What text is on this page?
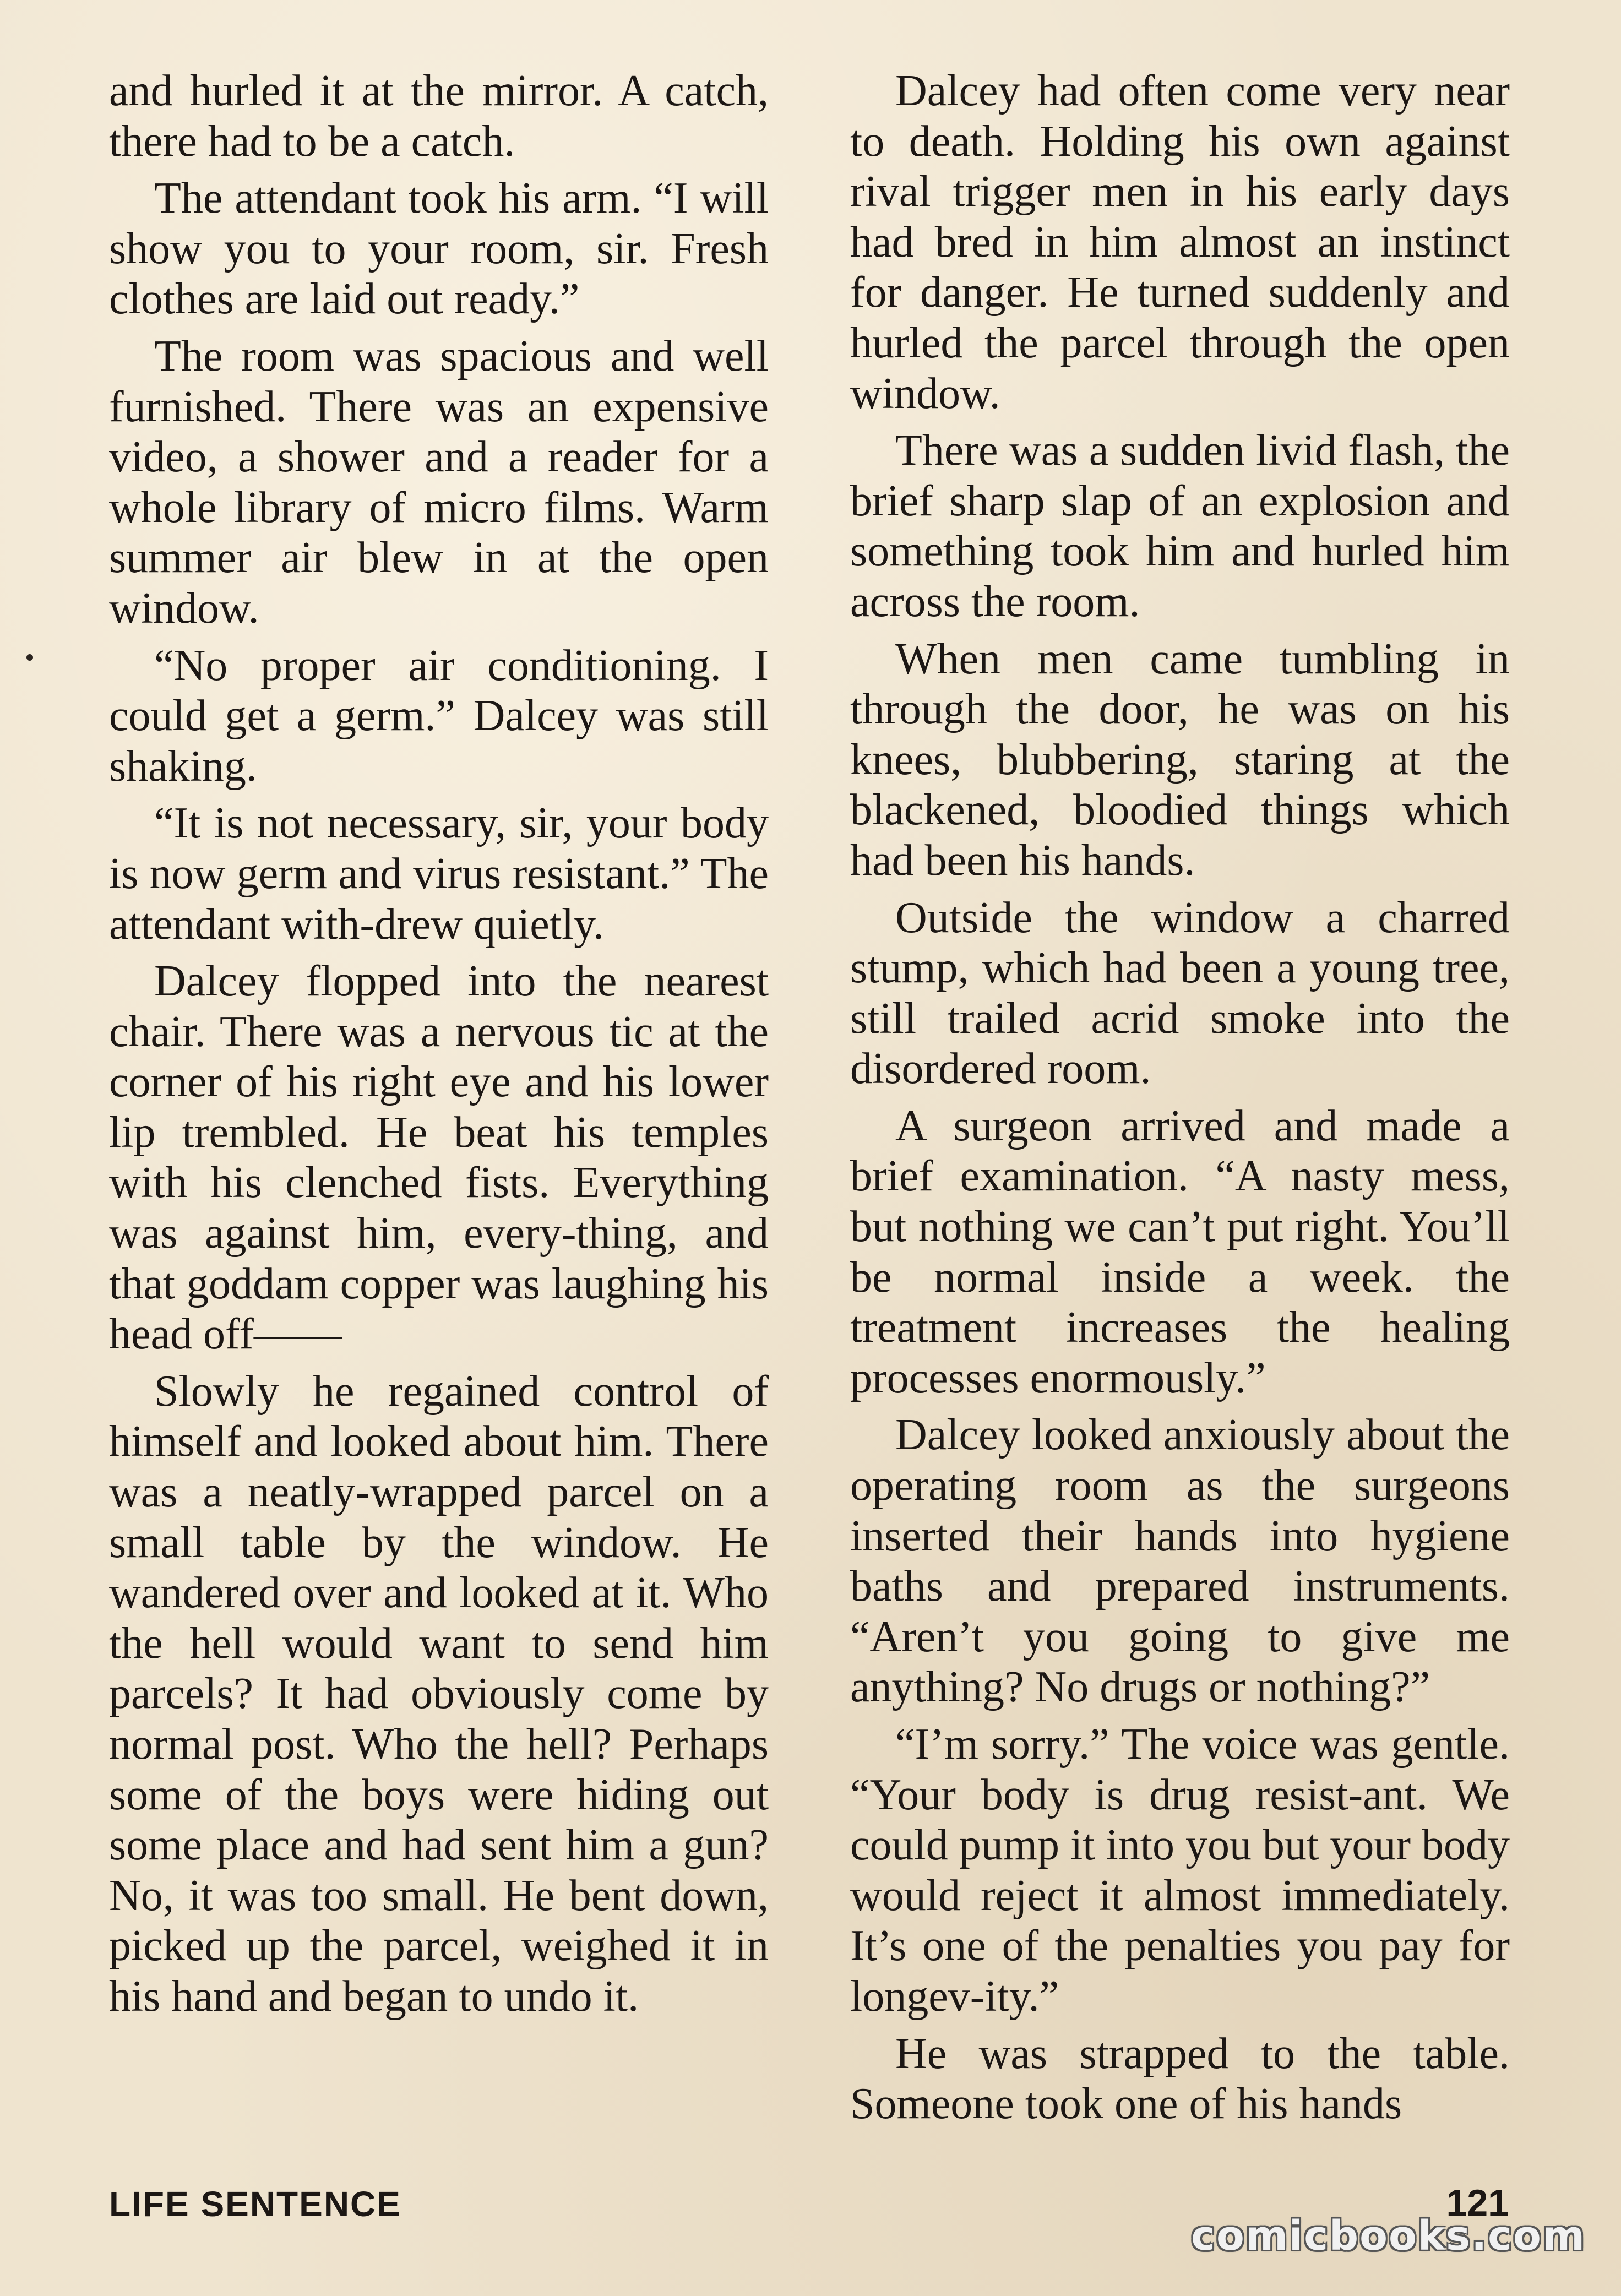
and hurled it at the mirror. A catch, there had to be a catch.

The attendant took his arm. “I will show you to your room, sir. Fresh clothes are laid out ready.”

The room was spacious and well furnished. There was an expensive video, a shower and a reader for a whole library of micro films. Warm summer air blew in at the open window.

“No proper air conditioning. I could get a germ.” Dalcey was still shaking.

“It is not necessary, sir, your body is now germ and virus resistant.” The attendant with-drew quietly.

Dalcey flopped into the nearest chair. There was a nervous tic at the corner of his right eye and his lower lip trembled. He beat his temples with his clenched fists. Everything was against him, every-thing, and that goddam copper was laughing his head off——

Slowly he regained control of himself and looked about him. There was a neatly-wrapped parcel on a small table by the window. He wandered over and looked at it. Who the hell would want to send him parcels? It had obviously come by normal post. Who the hell? Perhaps some of the boys were hiding out some place and had sent him a gun? No, it was too small. He bent down, picked up the parcel, weighed it in his hand and began to undo it.

Dalcey had often come very near to death. Holding his own against rival trigger men in his early days had bred in him almost an instinct for danger. He turned suddenly and hurled the parcel through the open window.

There was a sudden livid flash, the brief sharp slap of an explosion and something took him and hurled him across the room.

When men came tumbling in through the door, he was on his knees, blubbering, staring at the blackened, bloodied things which had been his hands.

Outside the window a charred stump, which had been a young tree, still trailed acrid smoke into the disordered room.

A surgeon arrived and made a brief examination. “A nasty mess, but nothing we can’t put right. You’ll be normal inside a week. the treatment increases the healing processes enormously.”

Dalcey looked anxiously about the operating room as the surgeons inserted their hands into hygiene baths and prepared instruments. “Aren’t you going to give me anything? No drugs or nothing?”

“I’m sorry.” The voice was gentle. “Your body is drug resist-ant. We could pump it into you but your body would reject it almost immediately. It’s one of the penalties you pay for longev-ity.”

He was strapped to the table. Someone took one of his hands

LIFE SENTENCE	121
comicbooks.com
